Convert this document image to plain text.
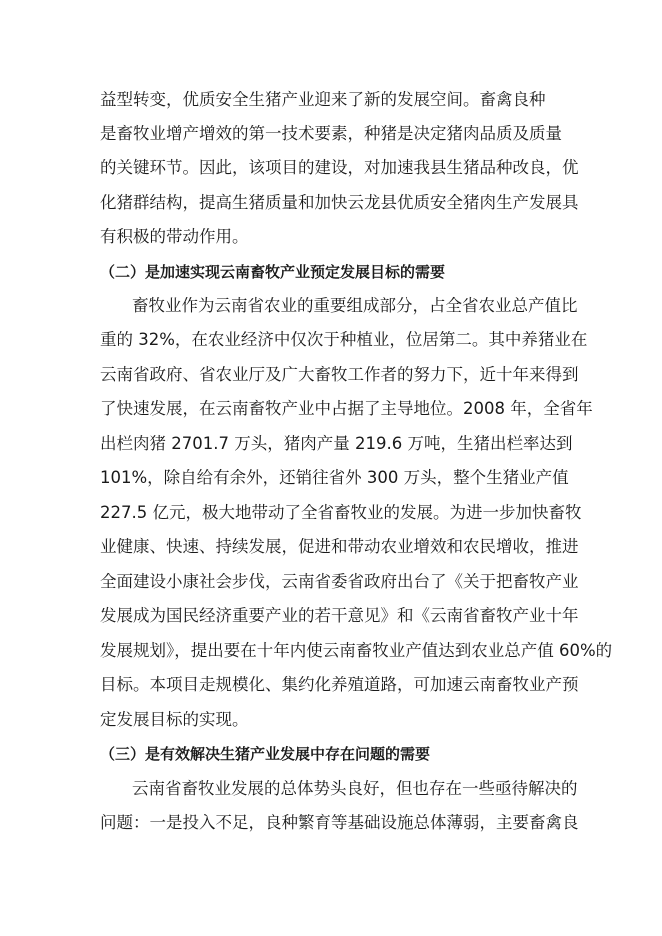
益型转变，优质安全生猪产业迎来了新的发展空间。畜禽良种
是畜牧业增产增效的第一技术要素，种猪是决定猪肉品质及质量
的关键环节。因此，该项目的建设，对加速我县生猪品种改良，优
化猪群结构，提高生猪质量和加快云龙县优质安全猪肉生产发展具
有积极的带动作用。
（二）是加速实现云南畜牧产业预定发展目标的需要
畜牧业作为云南省农业的重要组成部分，占全省农业总产值比
重的 32%，在农业经济中仅次于种植业，位居第二。其中养猪业在
云南省政府、省农业厅及广大畜牧工作者的努力下，近十年来得到
了快速发展，在云南畜牧产业中占据了主导地位。2008 年，全省年
出栏肉猪 2701.7 万头，猪肉产量 219.6 万吨，生猪出栏率达到
101%，除自给有余外，还销往省外 300 万头，整个生猪业产值
227.5 亿元，极大地带动了全省畜牧业的发展。为进一步加快畜牧
业健康、快速、持续发展，促进和带动农业增效和农民增收，推进
全面建设小康社会步伐，云南省委省政府出台了《关于把畜牧产业
发展成为国民经济重要产业的若干意见》和《云南省畜牧产业十年
发展规划》，提出要在十年内使云南畜牧业产值达到农业总产值 60%的
目标。本项目走规模化、集约化养殖道路，可加速云南畜牧业产预
定发展目标的实现。
（三）是有效解决生猪产业发展中存在问题的需要
云南省畜牧业发展的总体势头良好，但也存在一些亟待解决的
问题：一是投入不足，良种繁育等基础设施总体薄弱，主要畜禽良
